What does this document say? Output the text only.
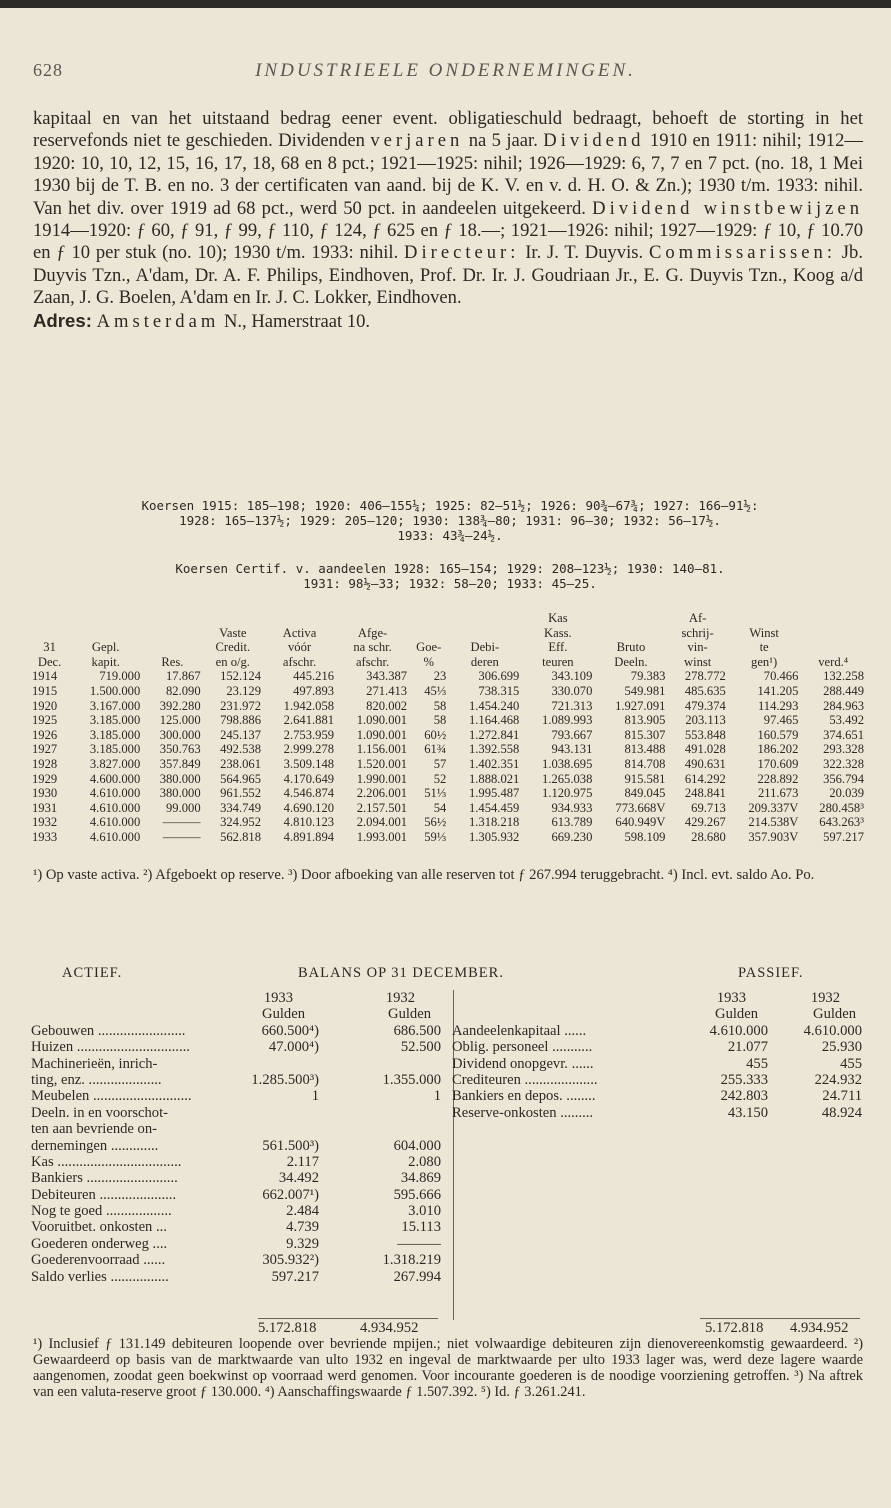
628	INDUSTRIEELE ONDERNEMINGEN.
kapitaal en van het uitstaand bedrag eener event. obligatieschuld bedraagt, behoeft de storting in het reservefonds niet te geschieden. Dividenden verjaren na 5 jaar. Dividend 1910 en 1911: nihil; 1912—1920: 10, 10, 12, 15, 16, 17, 18, 68 en 8 pct.; 1921—1925: nihil; 1926—1929: 6, 7, 7 en 7 pct. (no. 18, 1 Mei 1930 bij de T. B. en no. 3 der certificaten van aand. bij de K. V. en v. d. H. O. & Zn.); 1930 t/m. 1933: nihil. Van het div. over 1919 ad 68 pct., werd 50 pct. in aandeelen uitgekeerd. Dividend winstbewijzen 1914—1920: ƒ 60, ƒ 91, ƒ 99, ƒ 110, ƒ 124, ƒ 625 en ƒ 18.—; 1921—1926: nihil; 1927—1929: ƒ 10, ƒ 10.70 en ƒ 10 per stuk (no. 10); 1930 t/m. 1933: nihil. Directeur: Ir. J. T. Duyvis. Commissarissen: Jb. Duyvis Tzn., A'dam, Dr. A. F. Philips, Eindhoven, Prof. Dr. Ir. J. Goudriaan Jr., E. G. Duyvis Tzn., Koog a/d Zaan, J. G. Boelen, A'dam en Ir. J. C. Lokker, Eindhoven.
Adres: Amsterdam N., Hamerstraat 10.
Koersen 1915: 185—198; 1920: 406—155¼; 1925: 82—51½; 1926: 90¾—67¾; 1927: 166—91½:
1928: 165—137½; 1929: 205—120; 1930: 138¾—80; 1931: 96—30; 1932: 56—17½.
1933: 43¾—24½.
Koersen Certif. v. aandeelen 1928: 165—154; 1929: 208—123½; 1930: 140—81.
1931: 98½—33; 1932: 58—20; 1933: 45—25.
								Kas		Af-		
			Vaste	Activa	Afge-			Kass.		schrij-	Winst	
31	Gepl.		Credit.	vóór	na schr.	Goe-	Debi-	Eff.	Bruto	vin-	te	
Dec.	kapit.	Res.	en o/g.	afschr.	afschr.	%	deren	teuren	Deeln.	winst	gen¹)	verd.⁴
1914	719.000	17.867	152.124	445.216	343.387	23	306.699	343.109	79.383	278.772	70.466	132.258
1915	1.500.000	82.090	23.129	497.893	271.413	45⅓	738.315	330.070	549.981	485.635	141.205	288.449
1920	3.167.000	392.280	231.972	1.942.058	820.002	58	1.454.240	721.313	1.927.091	479.374	114.293	284.963
1925	3.185.000	125.000	798.886	2.641.881	1.090.001	58	1.164.468	1.089.993	813.905	203.113	97.465	53.492
1926	3.185.000	300.000	245.137	2.753.959	1.090.001	60½	1.272.841	793.667	815.307	553.848	160.579	374.651
1927	3.185.000	350.763	492.538	2.999.278	1.156.001	61¾	1.392.558	943.131	813.488	491.028	186.202	293.328
1928	3.827.000	357.849	238.061	3.509.148	1.520.001	57	1.402.351	1.038.695	814.708	490.631	170.609	322.328
1929	4.600.000	380.000	564.965	4.170.649	1.990.001	52	1.888.021	1.265.038	915.581	614.292	228.892	356.794
1930	4.610.000	380.000	961.552	4.546.874	2.206.001	51⅓	1.995.487	1.120.975	849.045	248.841	211.673	20.039
1931	4.610.000	99.000	334.749	4.690.120	2.157.501	54	1.454.459	934.933	773.668V	69.713	209.337V	280.458³
1932	4.610.000	———	324.952	4.810.123	2.094.001	56½	1.318.218	613.789	640.949V	429.267	214.538V	643.263³
1933	4.610.000	———	562.818	4.891.894	1.993.001	59⅓	1.305.932	669.230	598.109	28.680	357.903V	597.217
¹) Op vaste activa. ²) Afgeboekt op reserve. ³) Door afboeking van alle reserven tot ƒ 267.994 teruggebracht. ⁴) Incl. evt. saldo Ao. Po.
ACTIEF.	BALANS OP 31 DECEMBER.	PASSIEF.
1933	1932
Gulden	Gulden
Gebouwen ........................	660.500⁴)	686.500
Huizen ...............................	47.000⁴)	52.500
Machinerieën, inrich-
ting, enz. ....................	1.285.500³)	1.355.000
Meubelen ...........................	1	1
Deeln. in en voorschot-
ten aan bevriende on-
dernemingen .............	561.500³)	604.000
Kas ..................................	2.117	2.080
Bankiers .........................	34.492	34.869
Debiteuren .....................	662.007¹)	595.666
Nog te goed ..................	2.484	3.010
Vooruitbet. onkosten ...	4.739	15.113
Goederen onderweg ....	9.329	———
Goederenvoorraad ......	305.932²)	1.318.219
Saldo verlies ................	597.217	267.994
1933	1932
Gulden	Gulden
Aandeelenkapitaal ......	4.610.000 4.610.000
Oblig. personeel ...........	21.077	25.930
Dividend onopgevr. ......	455	455
Crediteuren ....................	255.333	224.932
Bankiers en depos. ........	242.803	24.711
Reserve-onkosten .........	43.150	48.924
5.172.818	4.934.952	5.172.818 4.934.952
¹) Inclusief ƒ 131.149 debiteuren loopende over bevriende mpijen.; niet volwaardige debiteuren zijn dienovereenkomstig gewaardeerd. ²) Gewaardeerd op basis van de marktwaarde van ulto 1932 en ingeval de marktwaarde per ulto 1933 lager was, werd deze lagere waarde aangenomen, zoodat geen boekwinst op voorraad werd genomen. Voor incourante goederen is de noodige voorziening getroffen. ³) Na aftrek van een valuta-reserve groot ƒ 130.000. ⁴) Aanschaffingswaarde ƒ 1.507.392. ⁵) Id. ƒ 3.261.241.
